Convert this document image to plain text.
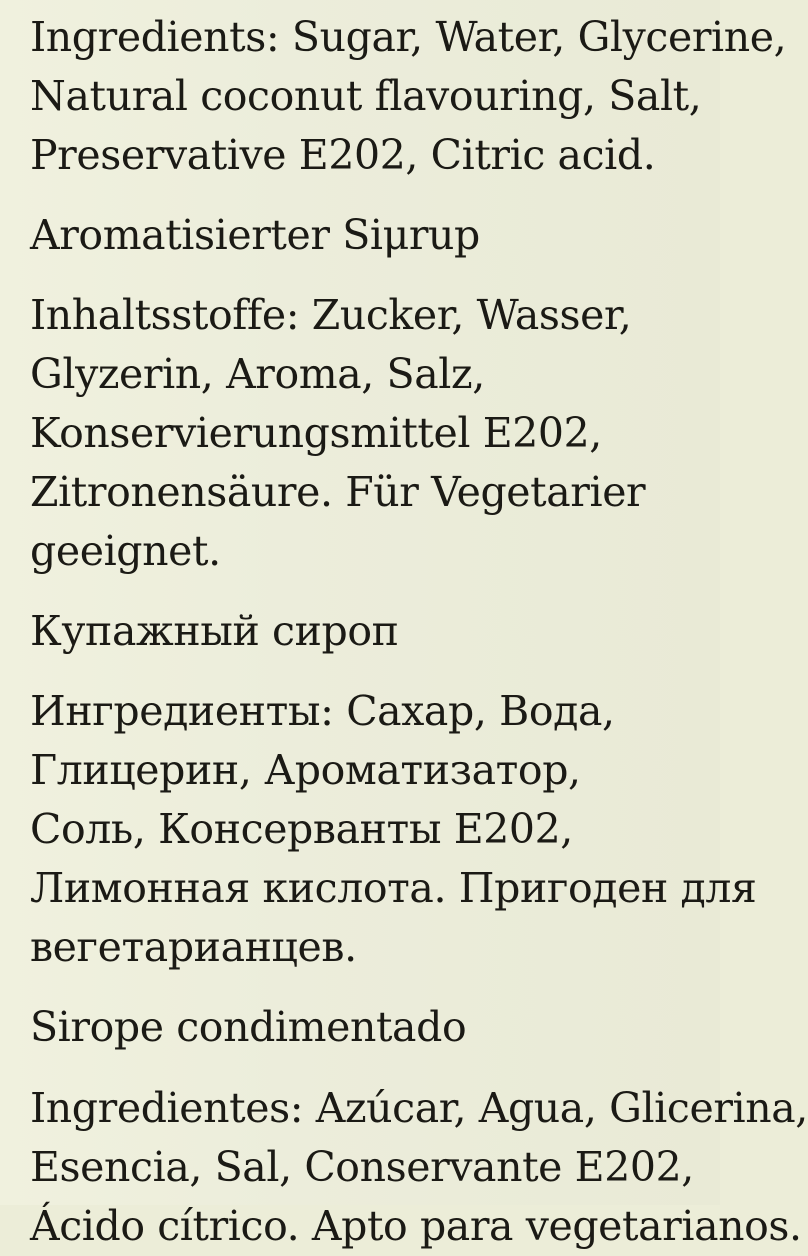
Ingredients: Sugar, Water, Glycerine,
Natural coconut flavouring, Salt,
Preservative E202, Citric acid.
Aromatisierter Siμrup
Inhaltsstoffe: Zucker, Wasser,
Glyzerin, Aroma, Salz,
Konservierungsmittel E202,
Zitronensäure. Für Vegetarier
geeignet.
Купажный сироп
Ингредиенты: Сахар, Вода,
Глицерин, Ароматизатор,
Соль, Консерванты E202,
Лимонная кислота. Пригоден для
вегетарианцев.
Sirope condimentado
Ingredientes: Azúcar, Agua, Glicerina,
Esencia, Sal, Conservante E202,
Ácido cítrico. Apto para vegetarianos.
